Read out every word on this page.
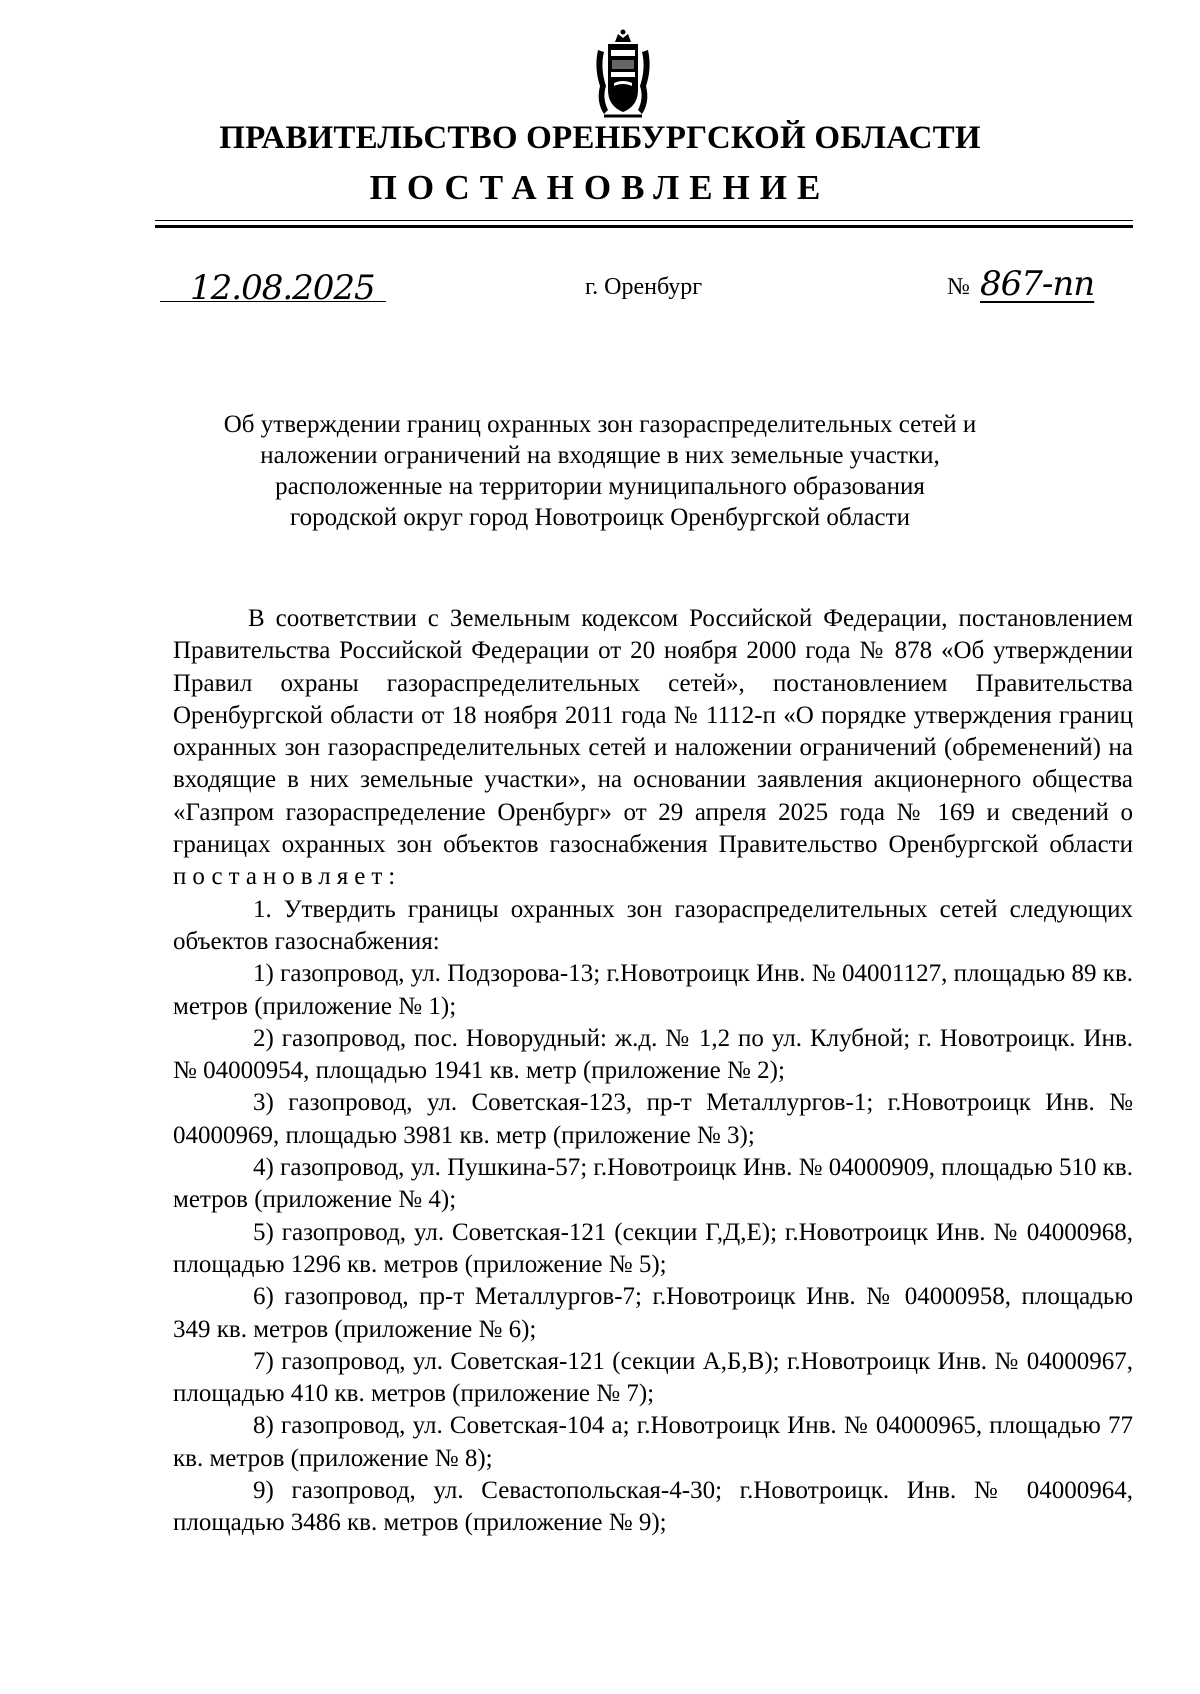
ПРАВИТЕЛЬСТВО ОРЕНБУРГСКОЙ ОБЛАСТИ
ПОСТАНОВЛЕНИЕ
12.08.2025	г. Оренбург	№ 867-пп
Об утверждении границ охранных зон газораспределительных сетей и
наложении ограничений на входящие в них земельные участки,
расположенные на территории муниципального образования
городской округ город Новотроицк Оренбургской области

В соответствии с Земельным кодексом Российской Федерации, постановлением Правительства Российской Федерации от 20 ноября 2000 года № 878 «Об утверждении Правил охраны газораспределительных сетей», постановлением Правительства Оренбургской области от 18 ноября 2011 года № 1112-п «О порядке утверждения границ охранных зон газораспределительных сетей и наложении ограничений (обременений) на входящие в них земельные участки», на основании заявления акционерного общества «Газпром газораспределение Оренбург» от 29 апреля 2025 года № 169 и сведений о границах охранных зон объектов газоснабжения Правительство Оренбургской области постановляет:

1. Утвердить границы охранных зон газораспределительных сетей следующих объектов газоснабжения:

1) газопровод, ул. Подзорова-13; г.Новотроицк Инв. № 04001127, площадью 89 кв. метров (приложение № 1);

2) газопровод, пос. Новорудный: ж.д. № 1,2 по ул. Клубной; г. Новотроицк. Инв. № 04000954, площадью 1941 кв. метр (приложение № 2);

3) газопровод, ул. Советская-123, пр-т Металлургов-1; г.Новотроицк Инв. № 04000969, площадью 3981 кв. метр (приложение № 3);

4) газопровод, ул. Пушкина-57; г.Новотроицк Инв. № 04000909, площадью 510 кв. метров (приложение № 4);

5) газопровод, ул. Советская-121 (секции Г,Д,Е); г.Новотроицк Инв. № 04000968, площадью 1296 кв. метров (приложение № 5);

6) газопровод, пр-т Металлургов-7; г.Новотроицк Инв. № 04000958, площадью 349 кв. метров (приложение № 6);

7) газопровод, ул. Советская-121 (секции А,Б,В); г.Новотроицк Инв. № 04000967, площадью 410 кв. метров (приложение № 7);

8) газопровод, ул. Советская-104 а; г.Новотроицк Инв. № 04000965, площадью 77 кв. метров (приложение № 8);

9) газопровод, ул. Севастопольская-4-30; г.Новотроицк. Инв. № 04000964, площадью 3486 кв. метров (приложение № 9);
